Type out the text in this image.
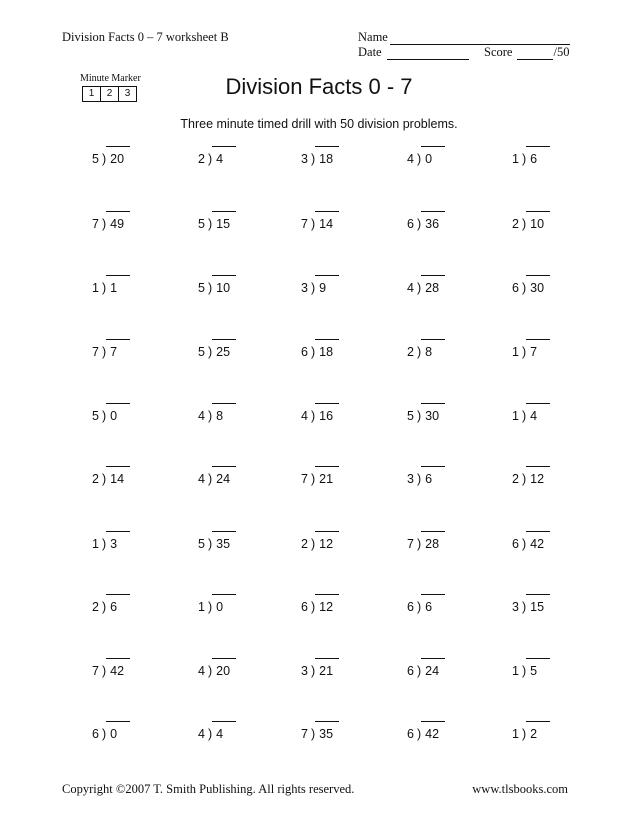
Division Facts 0 – 7 worksheet B	Name
Date	Score	/50
Minute Marker
1	2	3	Division Facts 0 - 7
Three minute timed drill with 50 division problems.
5 ) 20	2 ) 4	3 ) 18	4 ) 0	1 ) 6
7 ) 49	5 ) 15	7 ) 14	6 ) 36	2 ) 10
1 ) 1	5 ) 10	3 ) 9	4 ) 28	6 ) 30
7 ) 7	5 ) 25	6 ) 18	2 ) 8	1 ) 7
5 ) 0	4 ) 8	4 ) 16	5 ) 30	1 ) 4
2 ) 14	4 ) 24	7 ) 21	3 ) 6	2 ) 12
1 ) 3	5 ) 35	2 ) 12	7 ) 28	6 ) 42
2 ) 6	1 ) 0	6 ) 12	6 ) 6	3 ) 15
7 ) 42	4 ) 20	3 ) 21	6 ) 24	1 ) 5
6 ) 0	4 ) 4	7 ) 35	6 ) 42	1 ) 2
Copyright ©2007 T. Smith Publishing. All rights reserved.	www.tlsbooks.com
